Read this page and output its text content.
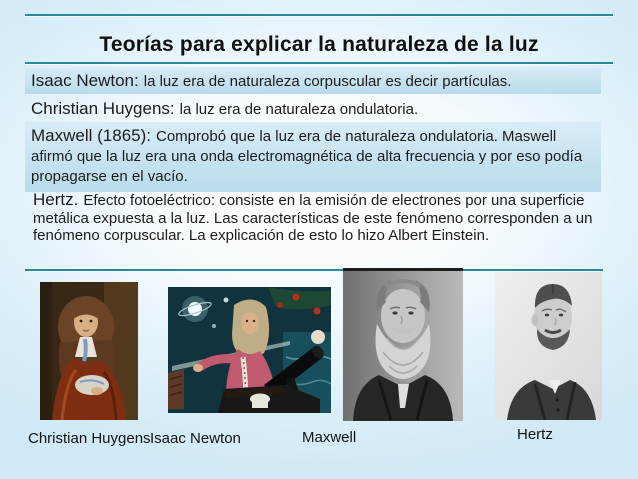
Teorías para explicar la naturaleza de la luz
Isaac Newton: la luz era de naturaleza corpuscular es decir partículas.
Christian Huygens: la luz era de naturaleza ondulatoria.
Maxwell (1865): Comprobó que la luz era de naturaleza ondulatoria. Maswell afirmó que la luz era una onda electromagnética de alta frecuencia y por eso podía propagarse en el vacío.
Hertz. Efecto fotoeléctrico: consiste en la emisión de electrones por una superficie metálica expuesta a la luz. Las características de este fenómeno corresponden a un fenómeno corpuscular. La explicación de esto lo hizo Albert Einstein.
Christian Huygens Isaac Newton	Maxwell	Hertz
